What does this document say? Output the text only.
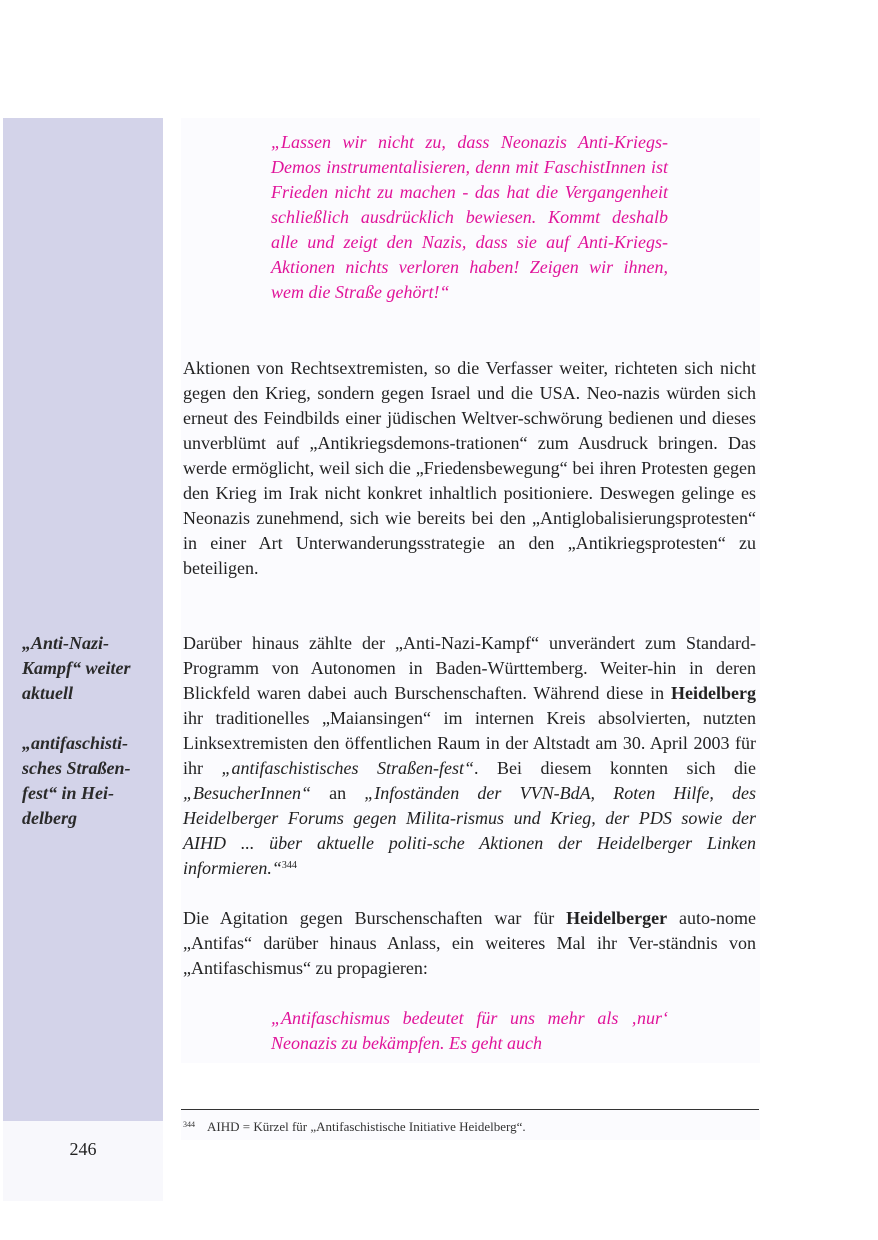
„Anti-Nazi-Kampf“ weiter aktuell
„antifaschisti-sches Straßen-fest“ in Hei-delberg
„Lassen wir nicht zu, dass Neonazis Anti-Kriegs-Demos instrumentalisieren, denn mit FaschistInnen ist Frieden nicht zu machen - das hat die Vergangenheit schließlich ausdrücklich bewiesen. Kommt deshalb alle und zeigt den Nazis, dass sie auf Anti-Kriegs-Aktionen nichts verloren haben! Zeigen wir ihnen, wem die Straße gehört!“
Aktionen von Rechtsextremisten, so die Verfasser weiter, richteten sich nicht gegen den Krieg, sondern gegen Israel und die USA. Neo-nazis würden sich erneut des Feindbilds einer jüdischen Weltver-schwörung bedienen und dieses unverblümt auf „Antikriegsdemons-trationen“ zum Ausdruck bringen. Das werde ermöglicht, weil sich die „Friedensbewegung“ bei ihren Protesten gegen den Krieg im Irak nicht konkret inhaltlich positioniere. Deswegen gelinge es Neonazis zunehmend, sich wie bereits bei den „Antiglobalisierungsprotesten“ in einer Art Unterwanderungsstrategie an den „Antikriegsprotesten“ zu beteiligen.
Darüber hinaus zählte der „Anti-Nazi-Kampf“ unverändert zum Standard-Programm von Autonomen in Baden-Württemberg. Weiter-hin in deren Blickfeld waren dabei auch Burschenschaften. Während diese in Heidelberg ihr traditionelles „Maiansingen“ im internen Kreis absolvierten, nutzten Linksextremisten den öffentlichen Raum in der Altstadt am 30. April 2003 für ihr „antifaschistisches Straßen-fest“. Bei diesem konnten sich die „BesucherInnen“ an „Infoständen der VVN-BdA, Roten Hilfe, des Heidelberger Forums gegen Milita-rismus und Krieg, der PDS sowie der AIHD ... über aktuelle politi-sche Aktionen der Heidelberger Linken informieren.“$^{344}$
Die Agitation gegen Burschenschaften war für Heidelberger auto-nome „Antifas“ darüber hinaus Anlass, ein weiteres Mal ihr Ver-ständnis von „Antifaschismus“ zu propagieren:
„Antifaschismus bedeutet für uns mehr als ‚nur‘ Neonazis zu bekämpfen. Es geht auch
$^{344}$ AIHD = Kürzel für „Antifaschistische Initiative Heidelberg“.
246
